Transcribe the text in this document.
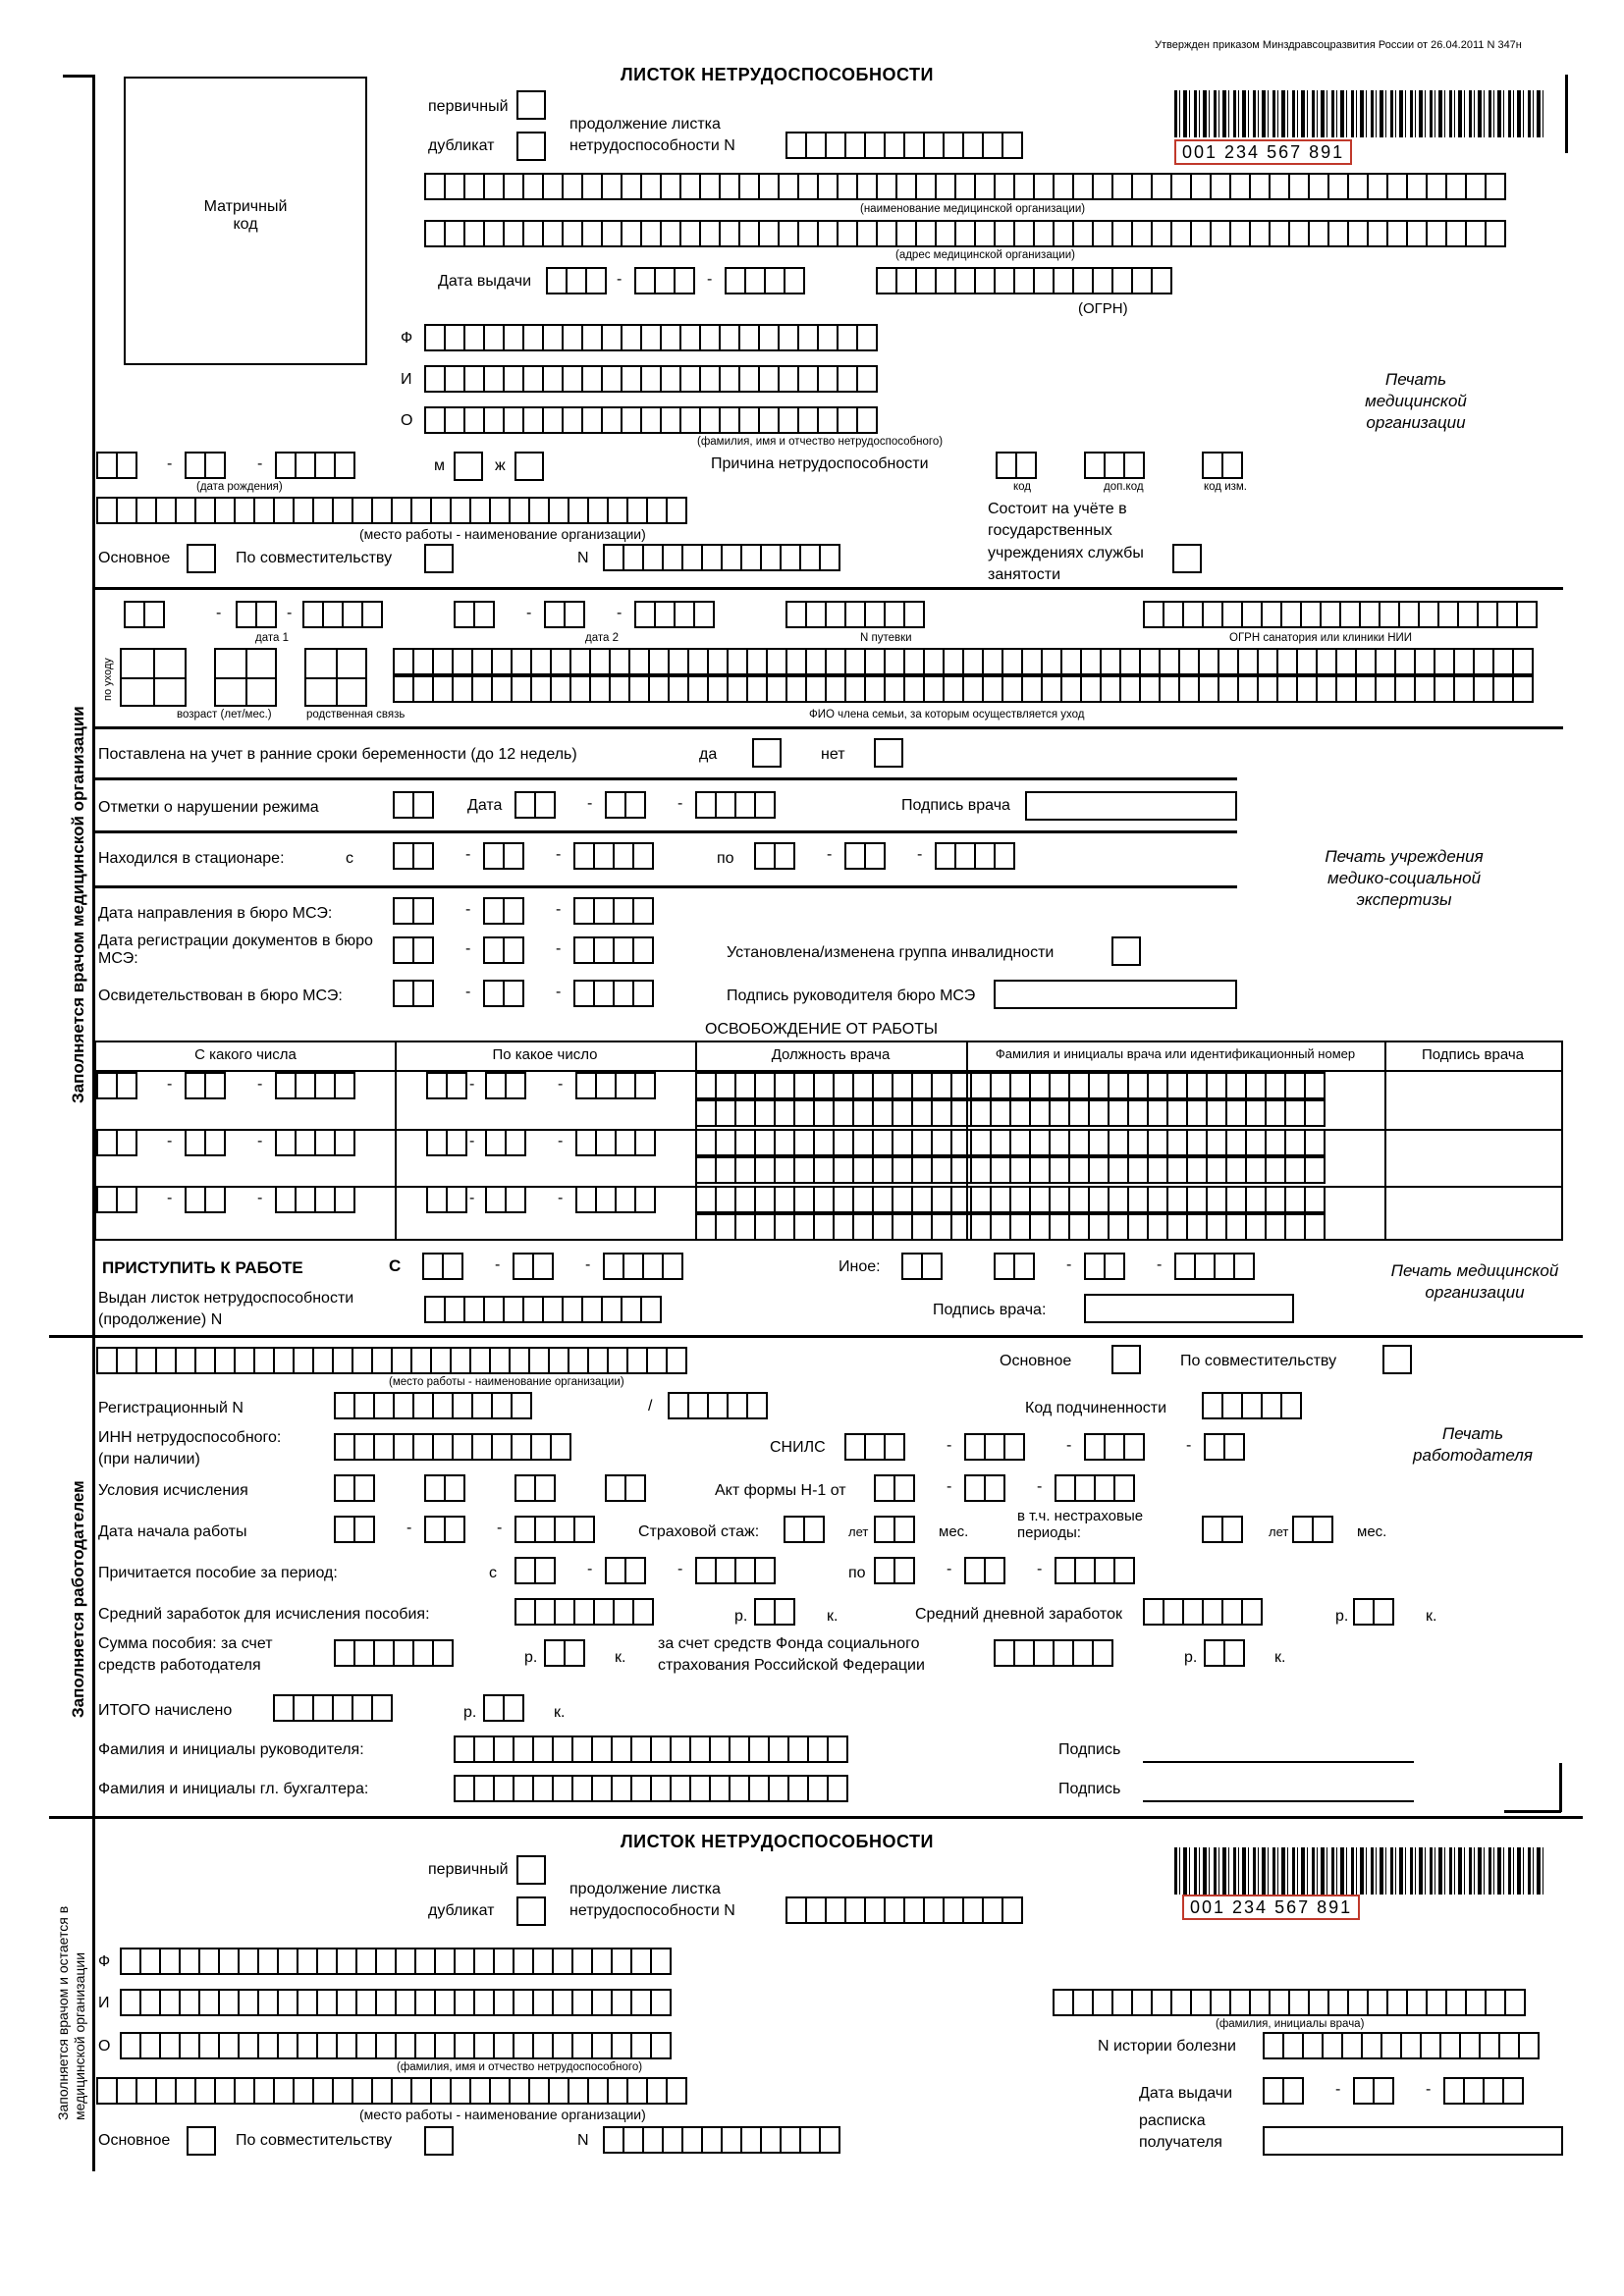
Утвержден приказом Минздравсоцразвития России от 26.04.2011 N 347н
ЛИСТОК НЕТРУДОСПОСОБНОСТИ
Матричный код
первичный
дубликат
продолжение листка
нетрудоспособности N	001 234 567 891
(наименование медицинской организации)
(адрес медицинской организации)
Дата выдачи	-	-
(ОГРН)
Ф
И
О
(фамилия, имя и отчество нетрудоспособного)
Печать медицинской организации
-	-
(дата рождения)
м	ж	Причина нетрудоспособности
код	доп.код	код изм.
(место работы - наименование организации)
Состоит на учёте в государственных учреждениях службы занятости
Основное	По совместительству	N
-	-
дата 1
-	-
дата 2	N путевки	ОГРН санатория или клиники НИИ
по уходу
возраст (лет/мес.)	родственная связь	ФИО члена семьи, за которым осуществляется уход
Поставлена на учет в ранние сроки беременности (до 12 недель)	да	нет
Отметки о нарушении режима	Дата	-	-	Подпись врача
Находился в стационаре:	с	-	-	по	-	-	Печать учреждения медико-социальной экспертизы
Дата направления в бюро МСЭ:	-	-
Дата регистрации документов в бюро МСЭ:
-	-	Установлена/изменена группа инвалидности
Освидетельствован в бюро МСЭ:	-	-	Подпись руководителя бюро МСЭ
ОСВОБОЖДЕНИЕ ОТ РАБОТЫ
С какого числа	По какое число	Должность врача	Фамилия и инициалы врача или идентификационный номер	Подпись врача
-	-	-	-
-	-	-	-
-	-	-	-
ПРИСТУПИТЬ К РАБОТЕ	С	-	-	Иное:	-	-	Печать медицинской организации
Выдан листок нетрудоспособности (продолжение) N
Подпись врача:
Заполняется врачом медицинской организации
Заполняется работодателем
(место работы - наименование организации)
Основное	По совместительству
Регистрационный N	/	Код подчиненности
ИНН нетрудоспособного: (при наличии)
СНИЛС	-	-	-
Печать работодателя
Условия исчисления	Акт формы Н-1 от	-	-
Дата начала работы	-	-	Страховой стаж:	лет	мес.
в т.ч. нестраховые периоды:	лет	мес.
Причитается пособие за период:	с	-	-	по	-	-
Средний заработок для исчисления пособия:	р.	к.	Средний дневной заработок	р.	к.
Сумма пособия: за счет средств работодателя	р.	к.
за счет средств Фонда социального страхования Российской Федерации	р.	к.
ИТОГО начислено	р.	к.
Фамилия и инициалы руководителя:	Подпись
Фамилия и инициалы гл. бухгалтера:	Подпись
Заполняется врачом и остается в медицинской организации
ЛИСТОК НЕТРУДОСПОСОБНОСТИ
первичный
дубликат
продолжение листка
нетрудоспособности N	001 234 567 891
Ф
И
(фамилия, инициалы врача)
О
(фамилия, имя и отчество нетрудоспособного)
N истории болезни
(место работы - наименование организации)
Дата выдачи	-	-
Основное	По совместительству	N
расписка получателя
